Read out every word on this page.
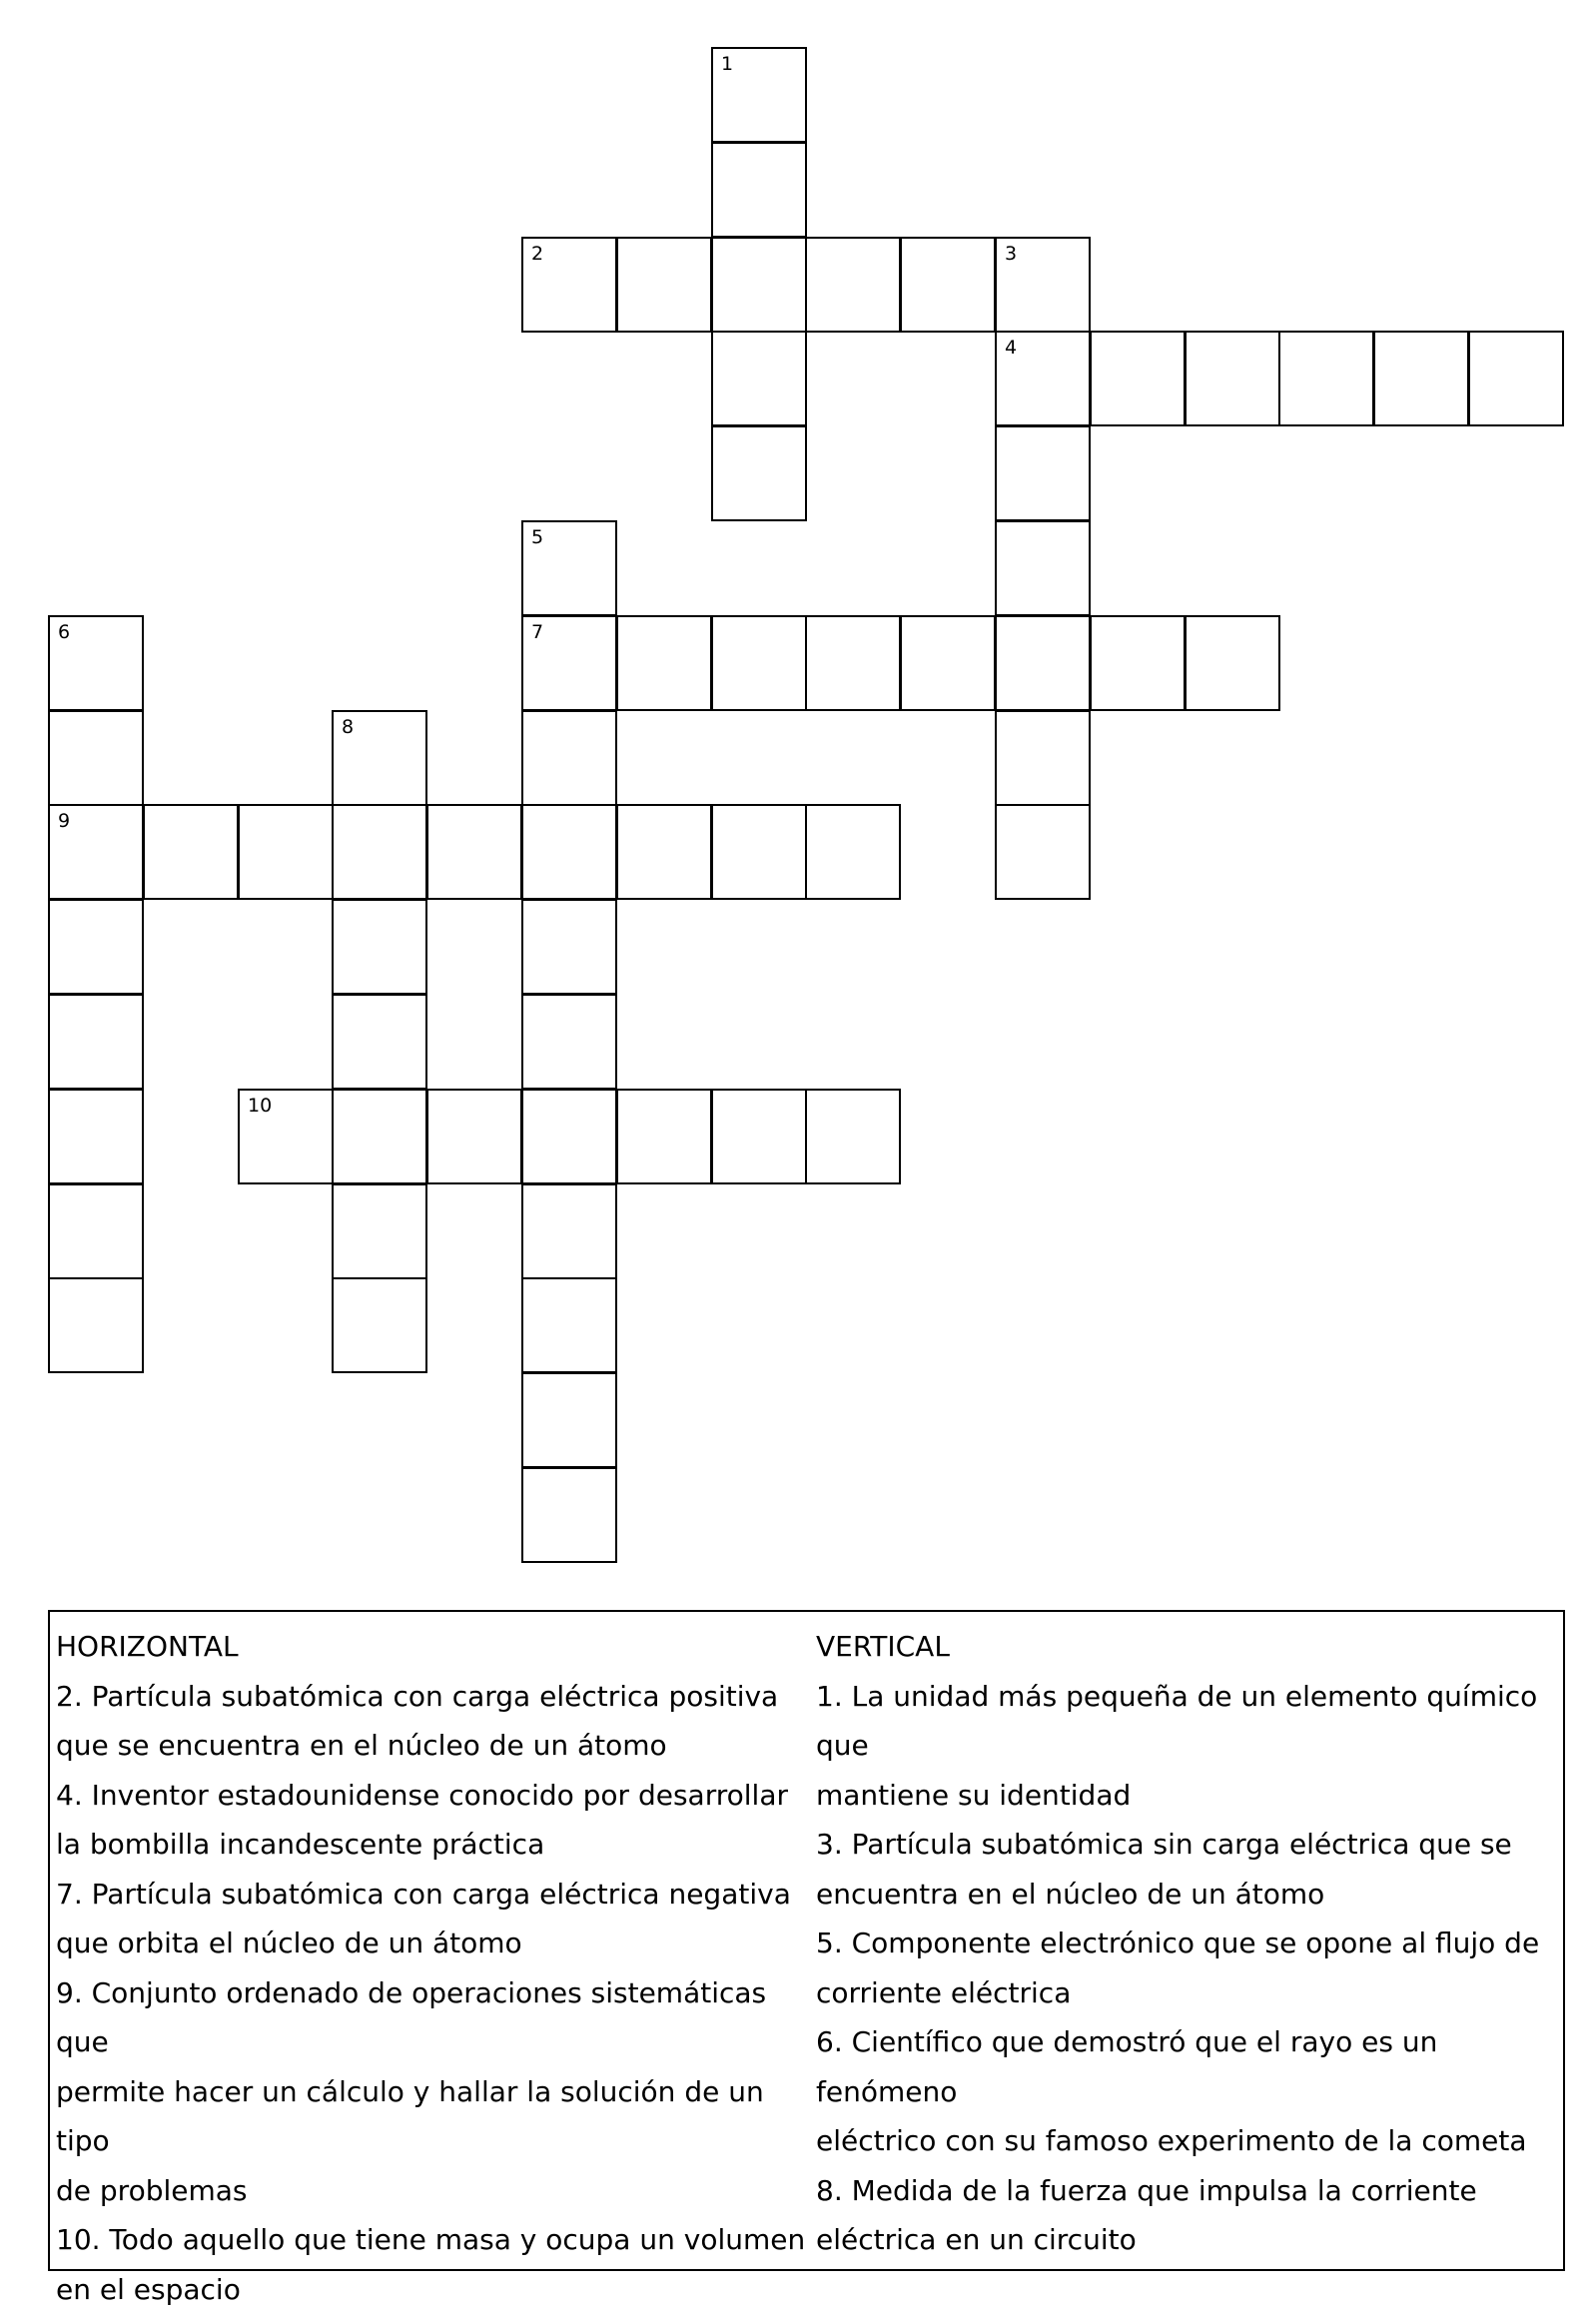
1
2	3
4
5
6	7
8
9
10
HORIZONTAL
2. Partícula subatómica con carga eléctrica positiva
que se encuentra en el núcleo de un átomo
4. Inventor estadounidense conocido por desarrollar
la bombilla incandescente práctica
7. Partícula subatómica con carga eléctrica negativa
que orbita el núcleo de un átomo
9. Conjunto ordenado de operaciones sistemáticas que
permite hacer un cálculo y hallar la solución de un tipo
de problemas
10. Todo aquello que tiene masa y ocupa un volumen
en el espacio
VERTICAL
1. La unidad más pequeña de un elemento químico que
mantiene su identidad
3. Partícula subatómica sin carga eléctrica que se
encuentra en el núcleo de un átomo
5. Componente electrónico que se opone al flujo de
corriente eléctrica
6. Científico que demostró que el rayo es un fenómeno
eléctrico con su famoso experimento de la cometa
8. Medida de la fuerza que impulsa la corriente
eléctrica en un circuito
